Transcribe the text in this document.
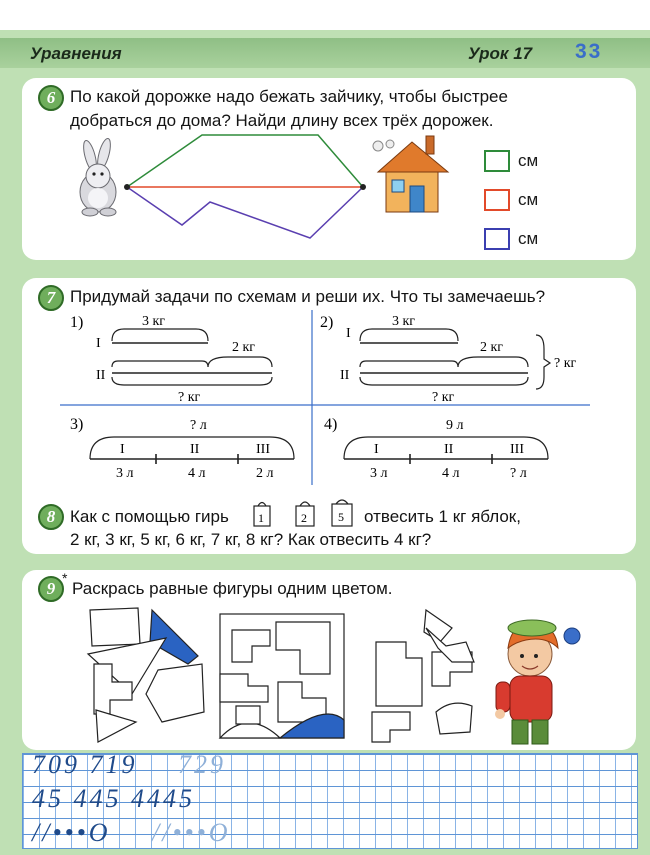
Уравнения	Урок 17 33
6 По какой дорожке надо бежать зайчику, чтобы быстрее
добраться до дома? Найди длину всех трёх дорожек.
см
см
см
7 Придумай задачи по схемам и реши их. Что ты замечаешь?
1)
I
II
3 кг
2 кг
? кг
2)
I
II
3 кг
2 кг
? кг
? кг
3)	? л
I	II	III
3 л	4 л	2 л
4)	9 л
I	II	III
3 л	4 л	? л
8 Как с помощью гирь 1	2	5 отвесить 1 кг яблок,
2 кг, 3 кг, 5 кг, 6 кг, 7 кг, 8 кг? Как отвесить 4 кг?
9
*
Раскрась равные фигуры одним цветом.
709 719 729
45 445 4445
//•••O //•••O
